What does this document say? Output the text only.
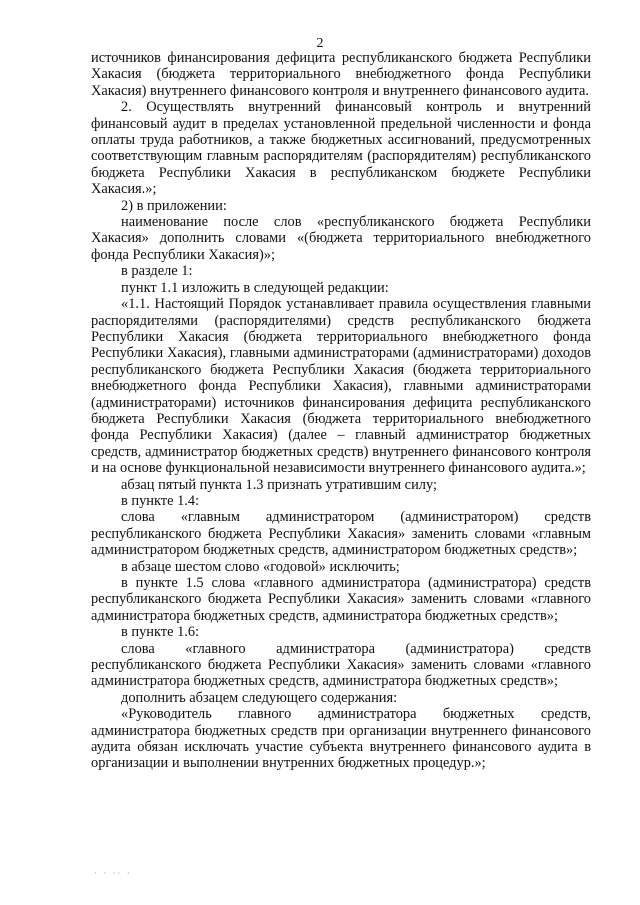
2

источников финансирования дефицита республиканского бюджета Республики Хакасия (бюджета территориального внебюджетного фонда Республики Хакасия) внутреннего финансового контроля и внутреннего финансового аудита.

2. Осуществлять внутренний финансовый контроль и внутренний финансовый аудит в пределах установленной предельной численности и фонда оплаты труда работников, а также бюджетных ассигнований, предусмотренных соответствующим главным распорядителям (распорядителям) республиканского бюджета Республики Хакасия в республиканском бюджете Республики Хакасия.»;

2) в приложении:

наименование после слов «республиканского бюджета Республики Хакасия» дополнить словами «(бюджета территориального внебюджетного фонда Республики Хакасия)»;

в разделе 1:

пункт 1.1 изложить в следующей редакции:

«1.1. Настоящий Порядок устанавливает правила осуществления главными распорядителями (распорядителями) средств республиканского бюджета Республики Хакасия (бюджета территориального внебюджетного фонда Республики Хакасия), главными администраторами (администраторами) доходов республиканского бюджета Республики Хакасия (бюджета территориального внебюджетного фонда Республики Хакасия), главными администраторами (администраторами) источников финансирования дефицита республиканского бюджета Республики Хакасия (бюджета территориального внебюджетного фонда Республики Хакасия) (далее – главный администратор бюджетных средств, администратор бюджетных средств) внутреннего финансового контроля и на основе функциональной независимости внутреннего финансового аудита.»;

абзац пятый пункта 1.3 признать утратившим силу;

в пункте 1.4:

слова «главным администратором (администратором) средств республиканского бюджета Республики Хакасия» заменить словами «главным администратором бюджетных средств, администратором бюджетных средств»;

в абзаце шестом слово «годовой» исключить;

в пункте 1.5 слова «главного администратора (администратора) средств республиканского бюджета Республики Хакасия» заменить словами «главного администратора бюджетных средств, администратора бюджетных средств»;

в пункте 1.6:

слова «главного администратора (администратора) средств республиканского бюджета Республики Хакасия» заменить словами «главного администратора бюджетных средств, администратора бюджетных средств»;

дополнить абзацем следующего содержания:

«Руководитель главного администратора бюджетных средств, администратора бюджетных средств при организации внутреннего финансового аудита обязан исключать участие субъекта внутреннего финансового аудита в организации и выполнении внутренних бюджетных процедур.»;

· · ·· ·
